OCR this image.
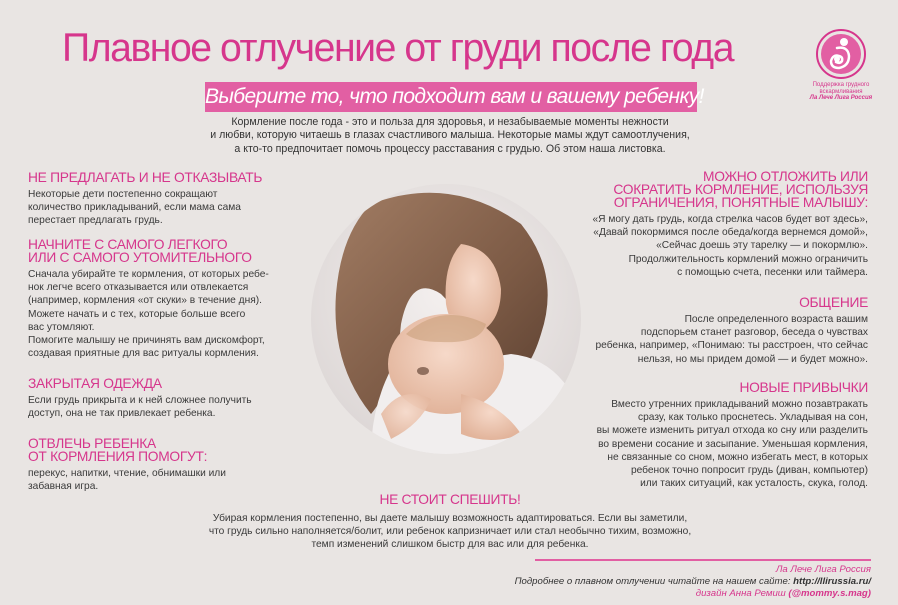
Плавное отлучение от груди после года
Выберите то, что подходит вам и вашему ребенку!	Поддержка грудного
вскармливания
Ла Лече Лига Россия
Кормление после года - это и польза для здоровья, и незабываемые моменты нежности
и любви, которую читаешь в глазах счастливого малыша. Некоторые мамы ждут самоотлучения,
а кто-то предпочитает помочь процессу расставания с грудью. Об этом наша листовка.
НЕ ПРЕДЛАГАТЬ И НЕ ОТКАЗЫВАТЬ
Некоторые дети постепенно сокращают
количество прикладываний, если мама сама
перестает предлагать грудь.
НАЧНИТЕ С САМОГО ЛЕГКОГО
ИЛИ С САМОГО УТОМИТЕЛЬНОГО
Сначала убирайте те кормления, от которых ребе-
нок легче всего отказывается или отвлекается
(например, кормления «от скуки» в течение дня).
Можете начать и с тех, которые больше всего
вас утомляют.
Помогите малышу не причинять вам дискомфорт,
создавая приятные для вас ритуалы кормления.
ЗАКРЫТАЯ ОДЕЖДА
Если грудь прикрыта и к ней сложнее получить
доступ, она не так привлекает ребенка.
ОТВЛЕЧЬ РЕБЕНКА
ОТ КОРМЛЕНИЯ ПОМОГУТ:
перекус, напитки, чтение, обнимашки или
забавная игра.
МОЖНО ОТЛОЖИТЬ ИЛИ
СОКРАТИТЬ КОРМЛЕНИЕ, ИСПОЛЬЗУЯ
ОГРАНИЧЕНИЯ, ПОНЯТНЫЕ МАЛЫШУ:
«Я могу дать грудь, когда стрелка часов будет вот здесь»,
«Давай покормимся после обеда/когда вернемся домой»,
«Сейчас доешь эту тарелку — и покормлю».
Продолжительность кормлений можно ограничить
с помощью счета, песенки или таймера.
ОБЩЕНИЕ
После определенного возраста вашим
подспорьем станет разговор, беседа о чувствах
ребенка, например, «Понимаю: ты расстроен, что сейчас
нельзя, но мы придем домой — и будет можно».
НОВЫЕ ПРИВЫЧКИ
Вместо утренних прикладываний можно позавтракать
сразу, как только проснетесь. Укладывая на сон,
вы можете изменить ритуал отхода ко сну или разделить
во времени сосание и засыпание. Уменьшая кормления,
не связанные со сном, можно избегать мест, в которых
ребенок точно попросит грудь (диван, компьютер)
или таких ситуаций, как усталость, скука, голод.
НЕ СТОИТ СПЕШИТЬ!
Убирая кормления постепенно, вы даете малышу возможность адаптироваться. Если вы заметили,
что грудь сильно наполняется/болит, или ребенок капризничает или стал необычно тихим, возможно,
темп изменений слишком быстр для вас или для ребенка.
Ла Лече Лига Россия
Подробнее о плавном отлучении читайте на нашем сайте: http://llirussia.ru/
дизайн Анна Ремиш (@mommy.s.mag)
